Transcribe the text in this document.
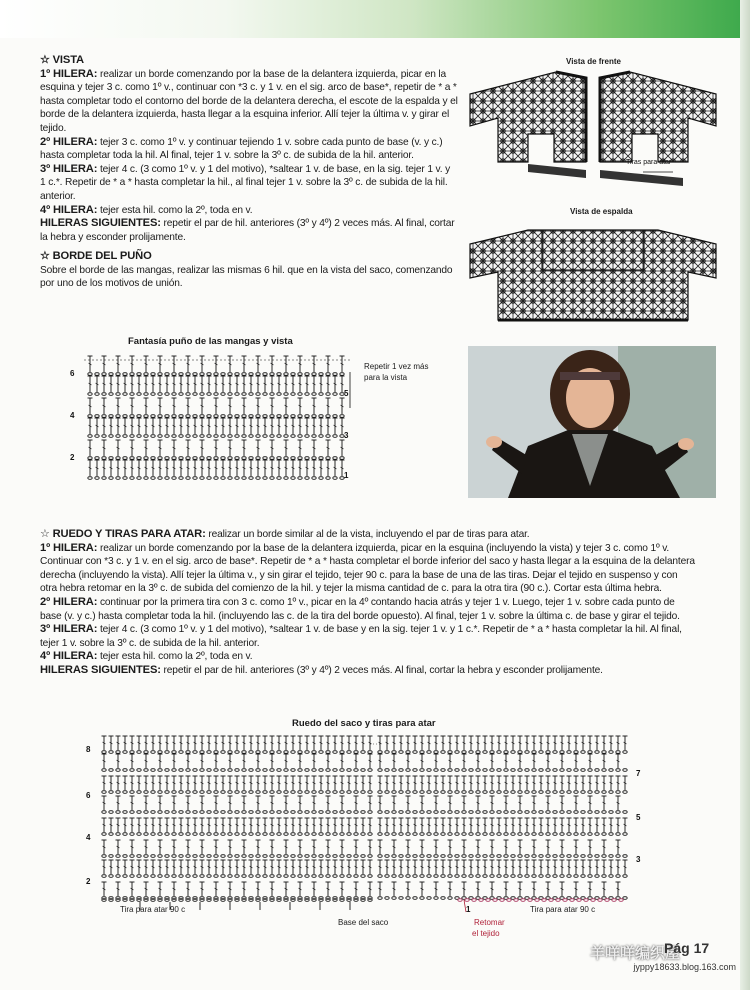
☆ VISTA

1º HILERA: realizar un borde comenzando por la base de la delantera izquierda, picar en la esquina y tejer 3 c. como 1º v., continuar con *3 c. y 1 v. en el sig. arco de base*, repetir de * a * hasta completar todo el contorno del borde de la delantera derecha, el escote de la espalda y el borde de la delantera izquierda, hasta llegar a la esquina inferior. Allí tejer la última v. y girar el tejido.

2º HILERA: tejer 3 c. como 1º v. y continuar tejiendo 1 v. sobre cada punto de base (v. y c.) hasta completar toda la hil. Al final, tejer 1 v. sobre la 3º c. de subida de la hil. anterior.

3º HILERA: tejer 4 c. (3 como 1º v. y 1 del motivo), *saltear 1 v. de base, en la sig. tejer 1 v. y 1 c.*. Repetir de * a * hasta completar la hil., al final tejer 1 v. sobre la 3º c. de subida de la hil. anterior.

4º HILERA: tejer esta hil. como la 2º, toda en v.

HILERAS SIGUIENTES: repetir el par de hil. anteriores (3º y 4º) 2 veces más. Al final, cortar la hebra y esconder prolijamente.

☆ BORDE DEL PUÑO

Sobre el borde de las mangas, realizar las mismas 6 hil. que en la vista del saco, comenzando por uno de los motivos de unión.

Vista de frente
Tiras para atar
Vista de espalda
Fantasía puño de las mangas y vista
6
4
2
5
3
1
Repetir 1 vez más
para la vista

☆ RUEDO Y TIRAS PARA ATAR: realizar un borde similar al de la vista, incluyendo el par de tiras para atar.

1º HILERA: realizar un borde comenzando por la base de la delantera izquierda, picar en la esquina (incluyendo la vista) y tejer 3 c. como 1º v. Continuar con *3 c. y 1 v. en el sig. arco de base*. Repetir de * a * hasta completar el borde inferior del saco y hasta llegar a la esquina de la delantera derecha (incluyendo la vista). Allí tejer la última v., y sin girar el tejido, tejer 90 c. para la base de una de las tiras. Dejar el tejido en suspenso y con otra hebra retomar en la 3º c. de subida del comienzo de la hil. y tejer la misma cantidad de c. para la otra tira (90 c.). Cortar esta última hebra.

2º HILERA: continuar por la primera tira con 3 c. como 1º v., picar en la 4º contando hacia atrás y tejer 1 v. Luego, tejer 1 v. sobre cada punto de base (v. y c.) hasta completar toda la hil. (incluyendo las c. de la tira del borde opuesto). Al final, tejer 1 v. sobre la última c. de base y girar el tejido.

3º HILERA: tejer 4 c. (3 como 1º v. y 1 del motivo), *saltear 1 v. de base y en la sig. tejer 1 v. y 1 c.*. Repetir de * a * hasta completar la hil. Al final, tejer 1 v. sobre la 3º c. de subida de la hil. anterior.

4º HILERA: tejer esta hil. como la 2º, toda en v.

HILERAS SIGUIENTES: repetir el par de hil. anteriores (3º y 4º) 2 veces más. Al final, cortar la hebra y esconder prolijamente.

Ruedo del saco y tiras para atar
8
6
4
2
7
5
3
1
Tira para atar 90 c	Tira para atar 90 c
Base del saco	Retomar
el tejido
羊咩咩编织屋
Pág 17
jyppy18633.blog.163.com
